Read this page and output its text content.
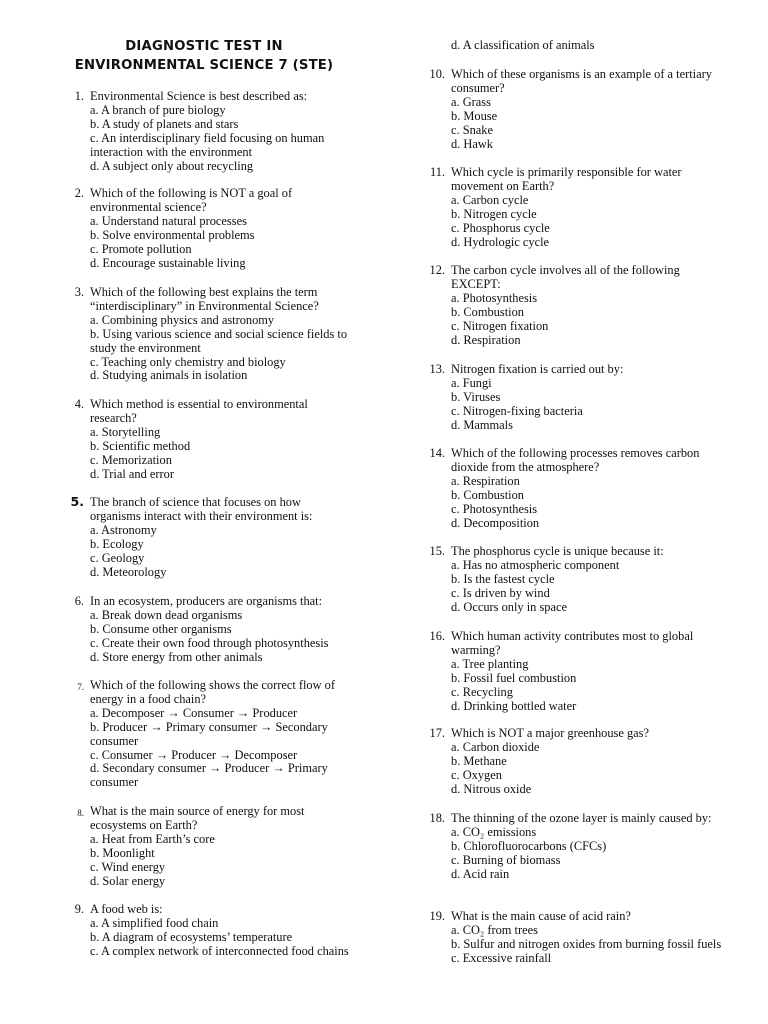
DIAGNOSTIC TEST IN
ENVIRONMENTAL SCIENCE 7 (STE)
1. Environmental Science is best described as:
a. A branch of pure biology
b. A study of planets and stars
c. An interdisciplinary field focusing on human interaction with the environment
d. A subject only about recycling
2. Which of the following is NOT a goal of environmental science?
a. Understand natural processes
b. Solve environmental problems
c. Promote pollution
d. Encourage sustainable living
3. Which of the following best explains the term “interdisciplinary” in Environmental Science?
a. Combining physics and astronomy
b. Using various science and social science fields to study the environment
c. Teaching only chemistry and biology
d. Studying animals in isolation
4. Which method is essential to environmental research?
a. Storytelling
b. Scientific method
c. Memorization
d. Trial and error
5. The branch of science that focuses on how organisms interact with their environment is:
a. Astronomy
b. Ecology
c. Geology
d. Meteorology
6. In an ecosystem, producers are organisms that:
a. Break down dead organisms
b. Consume other organisms
c. Create their own food through photosynthesis
d. Store energy from other animals
7. Which of the following shows the correct flow of energy in a food chain?
a. Decomposer → Consumer → Producer
b. Producer → Primary consumer → Secondary consumer
c. Consumer → Producer → Decomposer
d. Secondary consumer → Producer → Primary consumer
8. What is the main source of energy for most ecosystems on Earth?
a. Heat from Earth’s core
b. Moonlight
c. Wind energy
d. Solar energy
9. A food web is:
a. A simplified food chain
b. A diagram of ecosystems’ temperature
c. A complex network of interconnected food chains
d. A classification of animals
10. Which of these organisms is an example of a tertiary consumer?
a. Grass
b. Mouse
c. Snake
d. Hawk
11. Which cycle is primarily responsible for water movement on Earth?
a. Carbon cycle
b. Nitrogen cycle
c. Phosphorus cycle
d. Hydrologic cycle
12. The carbon cycle involves all of the following EXCEPT:
a. Photosynthesis
b. Combustion
c. Nitrogen fixation
d. Respiration
13. Nitrogen fixation is carried out by:
a. Fungi
b. Viruses
c. Nitrogen-fixing bacteria
d. Mammals
14. Which of the following processes removes carbon dioxide from the atmosphere?
a. Respiration
b. Combustion
c. Photosynthesis
d. Decomposition
15. The phosphorus cycle is unique because it:
a. Has no atmospheric component
b. Is the fastest cycle
c. Is driven by wind
d. Occurs only in space
16. Which human activity contributes most to global warming?
a. Tree planting
b. Fossil fuel combustion
c. Recycling
d. Drinking bottled water
17. Which is NOT a major greenhouse gas?
a. Carbon dioxide
b. Methane
c. Oxygen
d. Nitrous oxide
18. The thinning of the ozone layer is mainly caused by:
a. CO₂ emissions
b. Chlorofluorocarbons (CFCs)
c. Burning of biomass
d. Acid rain
19. What is the main cause of acid rain?
a. CO₂ from trees
b. Sulfur and nitrogen oxides from burning fossil fuels
c. Excessive rainfall
